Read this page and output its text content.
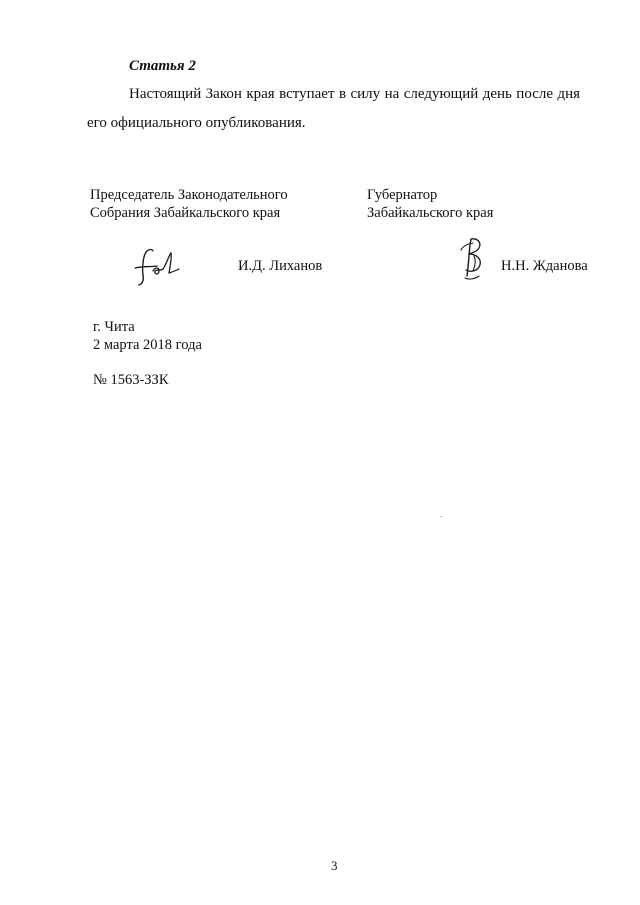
Статья 2
Настоящий Закон края вступает в силу на следующий день после дня
его официального опубликования.
Председатель Законодательного
Собрания Забайкальского края
Губернатор
Забайкальского края
И.Д. Лиханов	Н.Н. Жданова
г. Чита
2 марта 2018 года
№ 1563-ЗЗК
3
